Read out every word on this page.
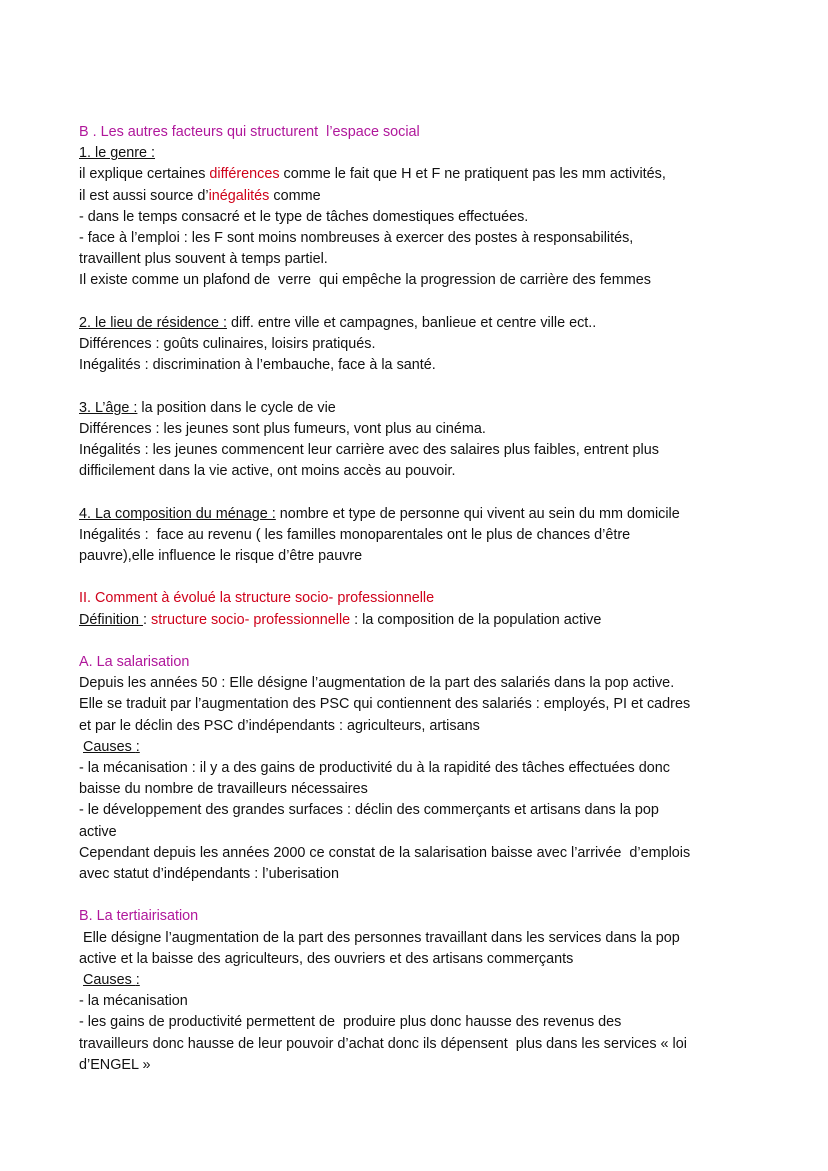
B . Les autres facteurs qui structurent  l’espace social
1. le genre :
il explique certaines différences comme le fait que H et F ne pratiquent pas les mm activités,
il est aussi source d’inégalités comme
- dans le temps consacré et le type de tâches domestiques effectuées.
- face à l’emploi : les F sont moins nombreuses à exercer des postes à responsabilités,
travaillent plus souvent à temps partiel.
Il existe comme un plafond de  verre  qui empêche la progression de carrière des femmes
2. le lieu de résidence : diff. entre ville et campagnes, banlieue et centre ville ect..
Différences : goûts culinaires, loisirs pratiqués.
Inégalités : discrimination à l’embauche, face à la santé.
3. L’âge : la position dans le cycle de vie
Différences : les jeunes sont plus fumeurs, vont plus au cinéma.
Inégalités : les jeunes commencent leur carrière avec des salaires plus faibles, entrent plus
difficilement dans la vie active, ont moins accès au pouvoir.
4. La composition du ménage : nombre et type de personne qui vivent au sein du mm domicile
Inégalités :  face au revenu ( les familles monoparentales ont le plus de chances d’être
pauvre),elle influence le risque d’être pauvre
II. Comment à évolué la structure socio- professionnelle
Définition : structure socio- professionnelle : la composition de la population active
A. La salarisation
Depuis les années 50 : Elle désigne l’augmentation de la part des salariés dans la pop active.
Elle se traduit par l’augmentation des PSC qui contiennent des salariés : employés, PI et cadres
et par le déclin des PSC d’indépendants : agriculteurs, artisans
Causes :
- la mécanisation : il y a des gains de productivité du à la rapidité des tâches effectuées donc
baisse du nombre de travailleurs nécessaires
- le développement des grandes surfaces : déclin des commerçants et artisans dans la pop
active
Cependant depuis les années 2000 ce constat de la salarisation baisse avec l’arrivée  d’emplois
avec statut d’indépendants : l’uberisation
B. La tertiairisation
Elle désigne l’augmentation de la part des personnes travaillant dans les services dans la pop
active et la baisse des agriculteurs, des ouvriers et des artisans commerçants
Causes :
- la mécanisation
- les gains de productivité permettent de  produire plus donc hausse des revenus des
travailleurs donc hausse de leur pouvoir d’achat donc ils dépensent  plus dans les services « loi
d’ENGEL »
